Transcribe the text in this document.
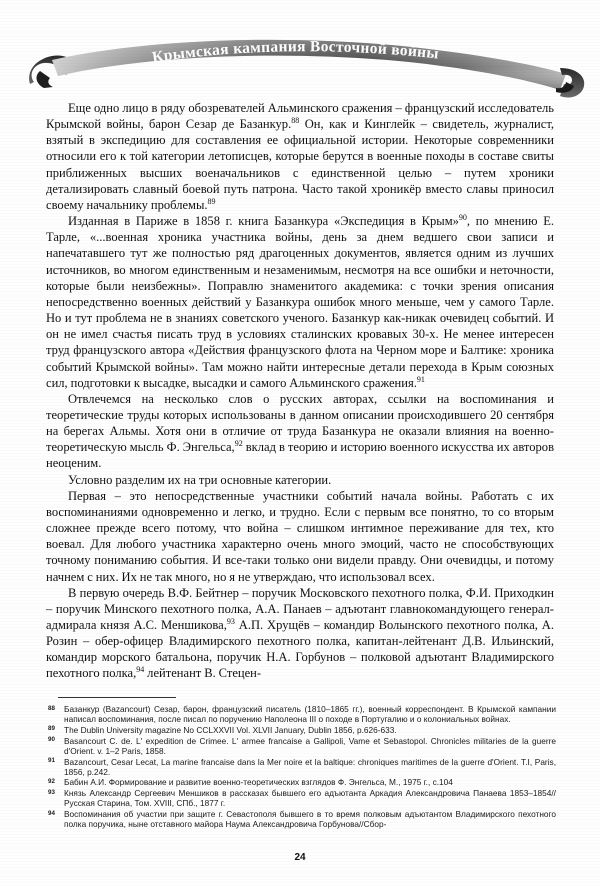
Крымская кампания Восточной войны

Еще одно лицо в ряду обозревателей Альминского сражения – французский исследователь Крымской войны, барон Сезар де Базанкур.$^{88}$ Он, как и Кинглейк – свидетель, журналист, взятый в экспедицию для составления ее официальной истории. Некоторые современники относили его к той категории летописцев, которые берутся в военные походы в составе свиты приближенных высших военачальников с единственной целью – путем хроники детализировать славный боевой путь патрона. Часто такой хроникёр вместо славы приносил своему начальнику проблемы.$^{89}$

Изданная в Париже в 1858 г. книга Базанкура «Экспедиция в Крым»$^{90}$, по мнению Е. Тарле, «...военная хроника участника войны, день за днем ведшего свои записи и напечатавшего тут же полностью ряд драгоценных документов, является одним из лучших источников, во многом единственным и незаменимым, несмотря на все ошибки и неточности, которые были неизбежны». Поправлю знаменитого академика: с точки зрения описания непосредственно военных действий у Базанкура ошибок много меньше, чем у самого Тарле. Но и тут проблема не в знаниях советского ученого. Базанкур как-никак очевидец событий. И он не имел счастья писать труд в условиях сталинских кровавых 30-х. Не менее интересен труд французского автора «Действия французского флота на Черном море и Балтике: хроника событий Крымской войны». Там можно найти интересные детали перехода в Крым союзных сил, подготовки к высадке, высадки и самого Альминского сражения.$^{91}$

Отвлечемся на несколько слов о русских авторах, ссылки на воспоминания и теоретические труды которых использованы в данном описании происходившего 20 сентября на берегах Альмы. Хотя они в отличие от труда Базанкура не оказали влияния на военно-теоретическую мысль Ф. Энгельса,$^{92}$ вклад в теорию и историю военного искусства их авторов неоценим.

Условно разделим их на три основные категории.

Первая – это непосредственные участники событий начала войны. Работать с их воспоминаниями одновременно и легко, и трудно. Если с первым все понятно, то со вторым сложнее прежде всего потому, что война – слишком интимное переживание для тех, кто воевал. Для любого участника характерно очень много эмоций, часто не способствующих точному пониманию события. И все-таки только они видели правду. Они очевидцы, и потому начнем с них. Их не так много, но я не утверждаю, что использовал всех.

В первую очередь В.Ф. Бейтнер – поручик Московского пехотного полка, Ф.И. Приходкин – поручик Минского пехотного полка, А.А. Панаев – адъютант главнокомандующего генерал-адмирала князя А.С. Меншикова,$^{93}$ А.П. Хрущёв – командир Волынского пехотного полка, А. Розин – обер-офицер Владимирского пехотного полка, капитан-лейтенант Д.В. Ильинский, командир морского батальона, поручик Н.А. Горбунов – полковой адъютант Владимирского пехотного полка,$^{94}$ лейтенант В. Стецен-

88 Базанкур (Bazancourt) Сезар, барон, французский писатель (1810–1865 гг.), военный корреспондент. В Крымской кампании написал воспоминания, после писал по поручению Наполеона III о походе в Португалию и о колониальных войнах.
89 The Dublin University magazine No CCLXXVII Vol. XLVII January, Dublin 1856, p.626-633.
90 Basancourt C. de. L' expedition de Crimee. L' armee francaise a Gallipoli, Vame et Sebastopol. Chronicles militaries de la guerre d'Orient. v. 1–2 Paris, 1858.
91 Bazancourt, Cesar Lecat, La marine francaise dans la Mer noire et la baltique: chroniques maritimes de la guerre d'Orient. T.I, Paris, 1856, p.242.
92 Бабин А.И. Формирование и развитие военно-теоретических взглядов Ф. Энгельса, М., 1975 г., с.104
93 Князь Александр Сергеевич Меншиков в рассказах бывшего его адъютанта Аркадия Александровича Панаева 1853–1854//Русская Старина, Том. XVIII, СПб., 1877 г.
94 Воспоминания об участии при защите г. Севастополя бывшего в то время полковым адъютантом Владимирского пехотного полка поручика, ныне отставного майора Наума Александровича Горбунова//Сбор-
24
